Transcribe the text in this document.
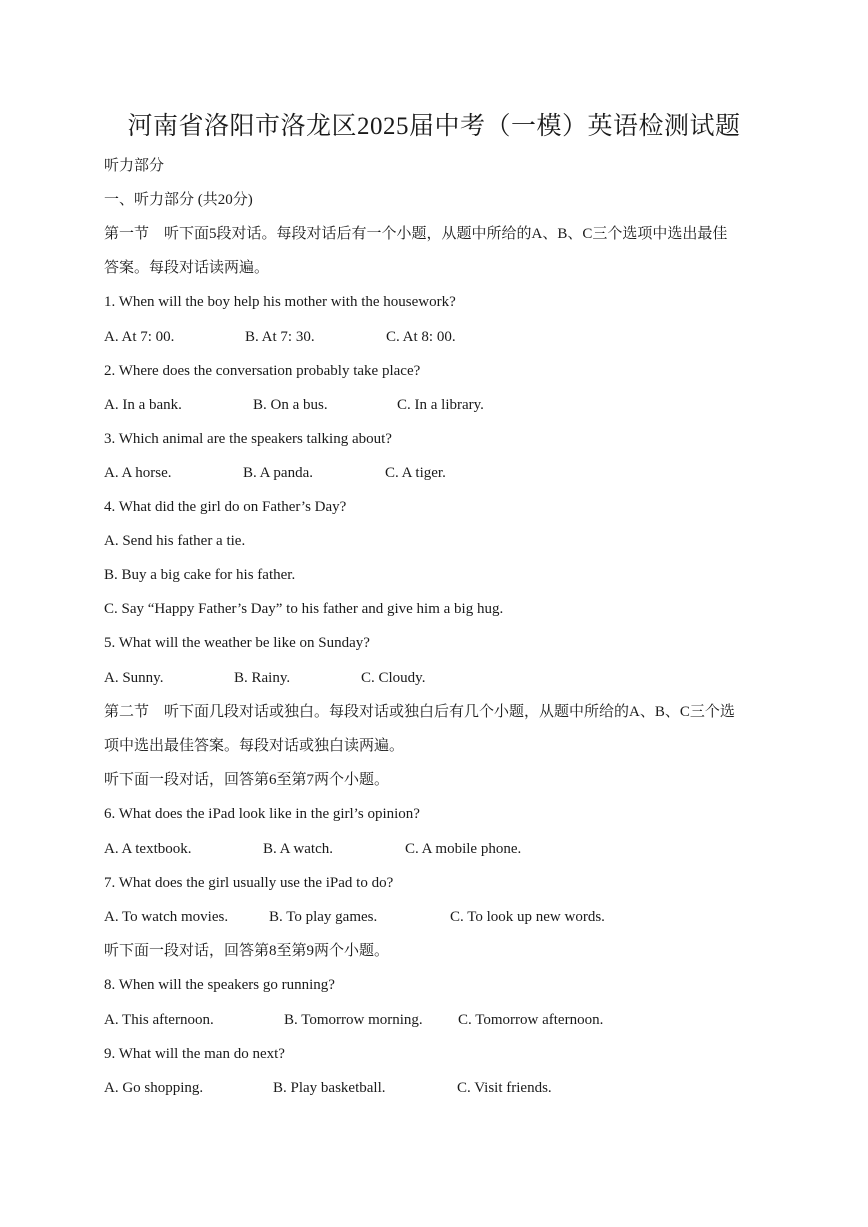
河南省洛阳市洛龙区2025届中考（一模）英语检测试题
听力部分
一、听力部分 (共20分)
第一节　听下面5段对话。每段对话后有一个小题，从题中所给的A、B、C三个选项中选出最佳
答案。每段对话读两遍。
1. When will the boy help his mother with the housework?
A. At 7: 00.	B. At 7: 30.	C. At 8: 00.
2. Where does the conversation probably take place?
A. In a bank.	B. On a bus.	C. In a library.
3. Which animal are the speakers talking about?
A. A horse.	B. A panda.	C. A tiger.
4. What did the girl do on Father’s Day?
A. Send his father a tie.
B. Buy a big cake for his father.
C. Say “Happy Father’s Day” to his father and give him a big hug.
5. What will the weather be like on Sunday?
A. Sunny.	B. Rainy.	C. Cloudy.
第二节　听下面几段对话或独白。每段对话或独白后有几个小题，从题中所给的A、B、C三个选
项中选出最佳答案。每段对话或独白读两遍。
听下面一段对话，回答第6至第7两个小题。
6. What does the iPad look like in the girl’s opinion?
A. A textbook.	B. A watch.	C. A mobile phone.
7. What does the girl usually use the iPad to do?
A. To watch movies.	B. To play games.	C. To look up new words.
听下面一段对话，回答第8至第9两个小题。
8. When will the speakers go running?
A. This afternoon.	B. Tomorrow morning. C. Tomorrow afternoon.
9. What will the man do next?
A. Go shopping.	B. Play basketball.	C. Visit friends.
